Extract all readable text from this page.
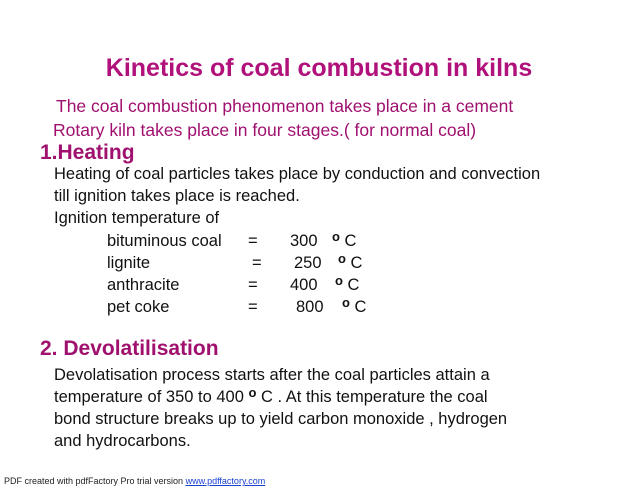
Kinetics of coal combustion in kilns
The coal combustion phenomenon takes place in a cement
Rotary kiln takes place in four stages.( for normal coal)
1.Heating
Heating of coal particles takes place by conduction and convection
till ignition takes place is reached.
Ignition temperature of
bituminous coal = 300 $^o$ C
lignite	= 250 $^o$ C
anthracite	= 400 $^o$ C
pet coke	= 800 $^o$ C
2. Devolatilisation
Devolatisation process starts after the coal particles attain a
temperature of 350 to 400 $^o$ C . At this temperature the coal
bond structure breaks up to yield carbon monoxide , hydrogen
and hydrocarbons.
PDF created with pdfFactory Pro trial version www.pdffactory.com
